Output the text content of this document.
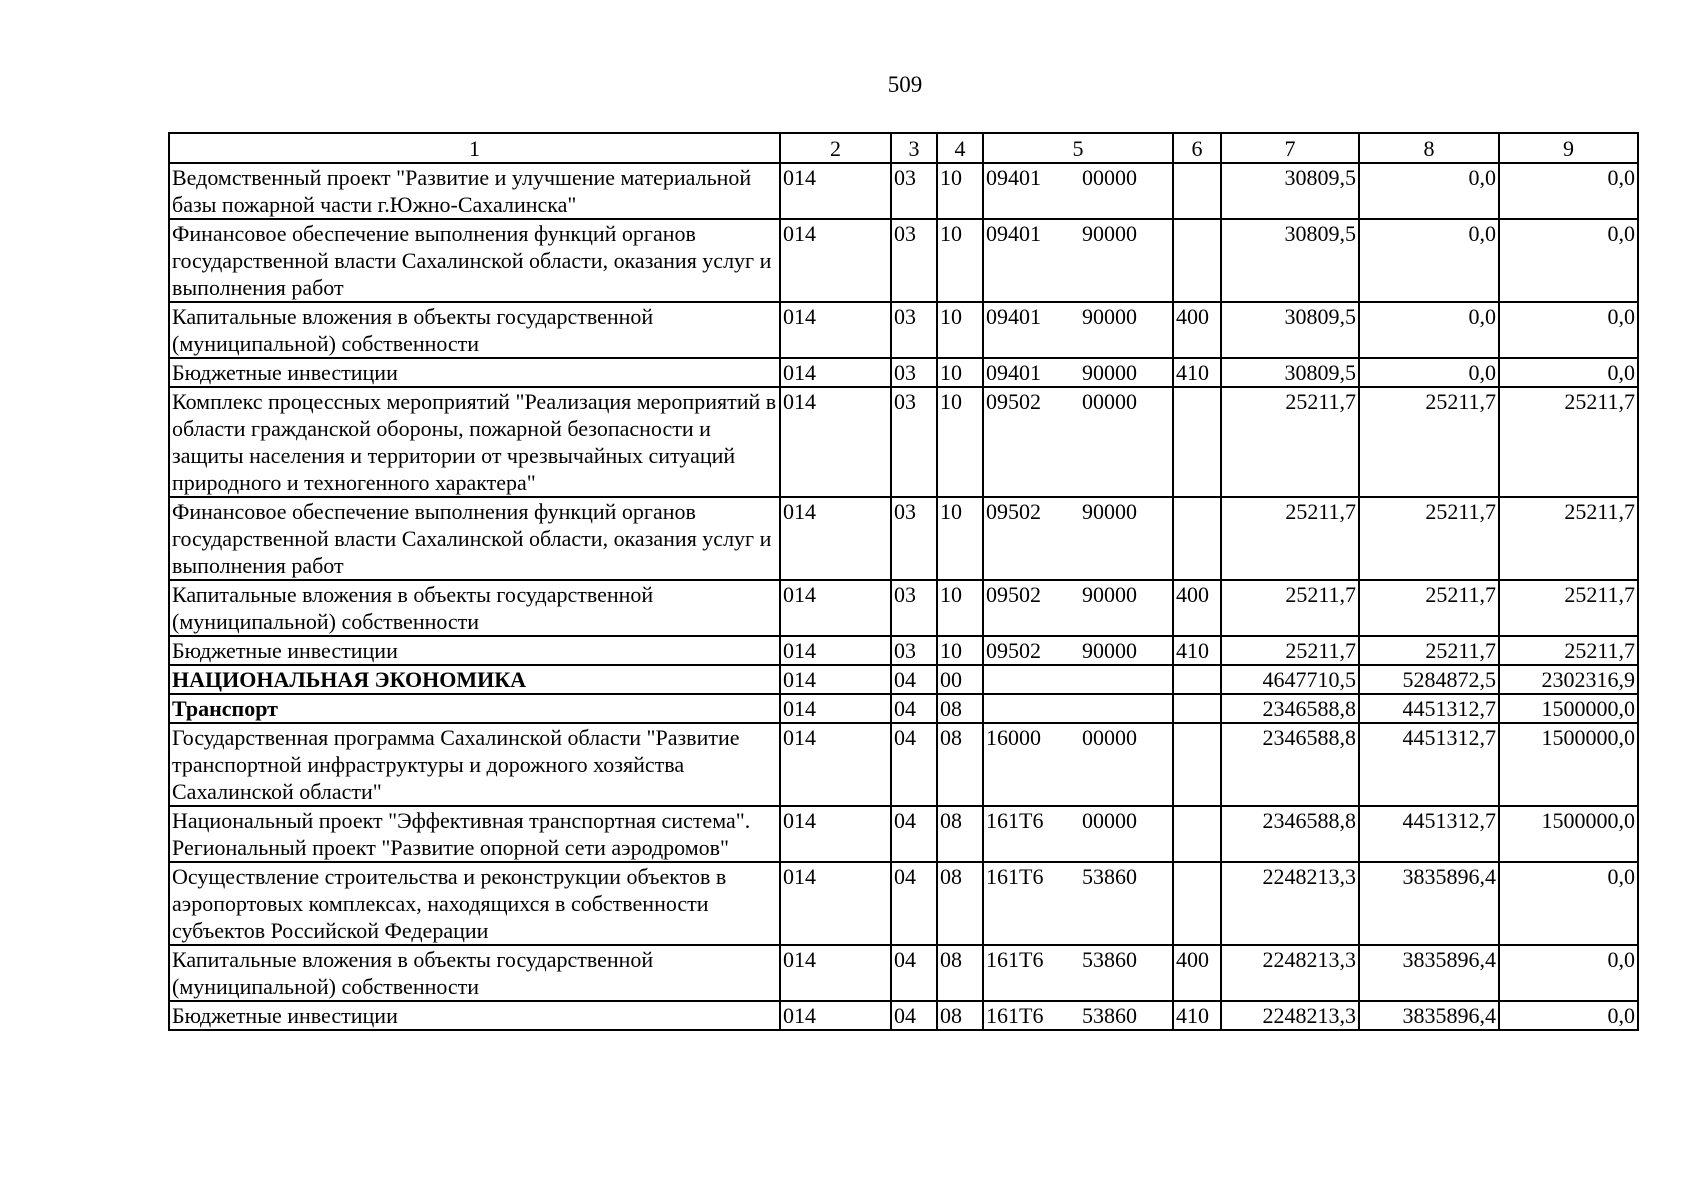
509
1	2	3	4	5	6	7	8	9
Ведомственный проект "Развитие и улучшение материальной базы пожарной части г.Южно-Сахалинска"	014	03	10	09401 00000		30809,5	0,0	0,0
Финансовое обеспечение выполнения функций органов государственной власти Сахалинской области, оказания услуг и выполнения работ	014	03	10	09401 90000		30809,5	0,0	0,0
Капитальные вложения в объекты государственной (муниципальной) собственности	014	03	10	09401 90000	400	30809,5	0,0	0,0
Бюджетные инвестиции	014	03	10	09401 90000	410	30809,5	0,0	0,0
Комплекс процессных мероприятий "Реализация мероприятий в области гражданской обороны, пожарной безопасности и защиты населения и территории от чрезвычайных ситуаций природного и техногенного характера"	014	03	10	09502 00000		25211,7	25211,7	25211,7
Финансовое обеспечение выполнения функций органов государственной власти Сахалинской области, оказания услуг и выполнения работ	014	03	10	09502 90000		25211,7	25211,7	25211,7
Капитальные вложения в объекты государственной (муниципальной) собственности	014	03	10	09502 90000	400	25211,7	25211,7	25211,7
Бюджетные инвестиции	014	03	10	09502 90000	410	25211,7	25211,7	25211,7
НАЦИОНАЛЬНАЯ ЭКОНОМИКА	014	04	00			4647710,5	5284872,5	2302316,9
Транспорт	014	04	08			2346588,8	4451312,7	1500000,0
Государственная программа Сахалинской области "Развитие транспортной инфраструктуры и дорожного хозяйства Сахалинской области"	014	04	08	16000 00000		2346588,8	4451312,7	1500000,0
Национальный проект "Эффективная транспортная система". Региональный проект "Развитие опорной сети аэродромов"	014	04	08	161Т6 00000		2346588,8	4451312,7	1500000,0
Осуществление строительства и реконструкции объектов в аэропортовых комплексах, находящихся в собственности субъектов Российской Федерации	014	04	08	161Т6 53860		2248213,3	3835896,4	0,0
Капитальные вложения в объекты государственной (муниципальной) собственности	014	04	08	161Т6 53860	400	2248213,3	3835896,4	0,0
Бюджетные инвестиции	014	04	08	161Т6 53860	410	2248213,3	3835896,4	0,0
